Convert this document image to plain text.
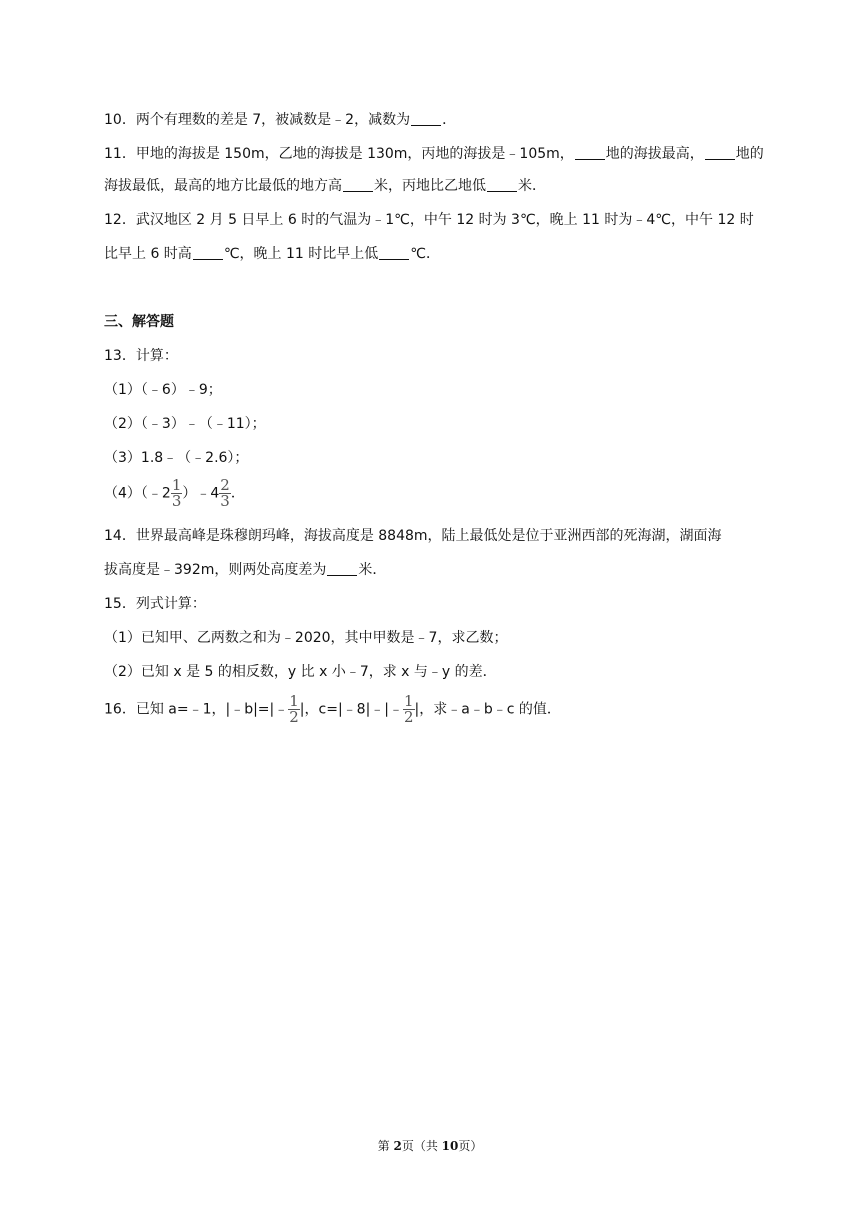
10．两个有理数的差是 7，被减数是﹣2，减数为 ．
11．甲地的海拔是 150m，乙地的海拔是 130m，丙地的海拔是﹣105m， 地的海拔最高， 地的
海拔最低，最高的地方比最低的地方高 米，丙地比乙地低 米．
12．武汉地区 2 月 5 日早上 6 时的气温为﹣1℃，中午 12 时为 3℃，晚上 11 时为﹣4℃，中午 12 时
比早上 6 时高 ℃，晚上 11 时比早上低 ℃．
三、解答题
13．计算：
（1）（﹣6）﹣9；
（2）（﹣3）﹣（﹣11）；
（3）1.8﹣（﹣2.6）；
（4）（﹣2 $\frac{1}{3}$ ）﹣4 $\frac{2}{3}$ ．
14．世界最高峰是珠穆朗玛峰，海拔高度是 8848m，陆上最低处是位于亚洲西部的死海湖，湖面海
拔高度是﹣392m，则两处高度差为 米．
15．列式计算：
（1）已知甲、乙两数之和为﹣2020，其中甲数是﹣7，求乙数；
（2）已知 x 是 5 的相反数，y 比 x 小﹣7，求 x 与﹣y 的差．
16．已知 a=﹣1，|﹣b|=|﹣ $\frac{1}{2}$ |，c=|﹣8|﹣|﹣ $\frac{1}{2}$ |，求﹣a﹣b﹣c 的值．
第 2页（共 10页）
